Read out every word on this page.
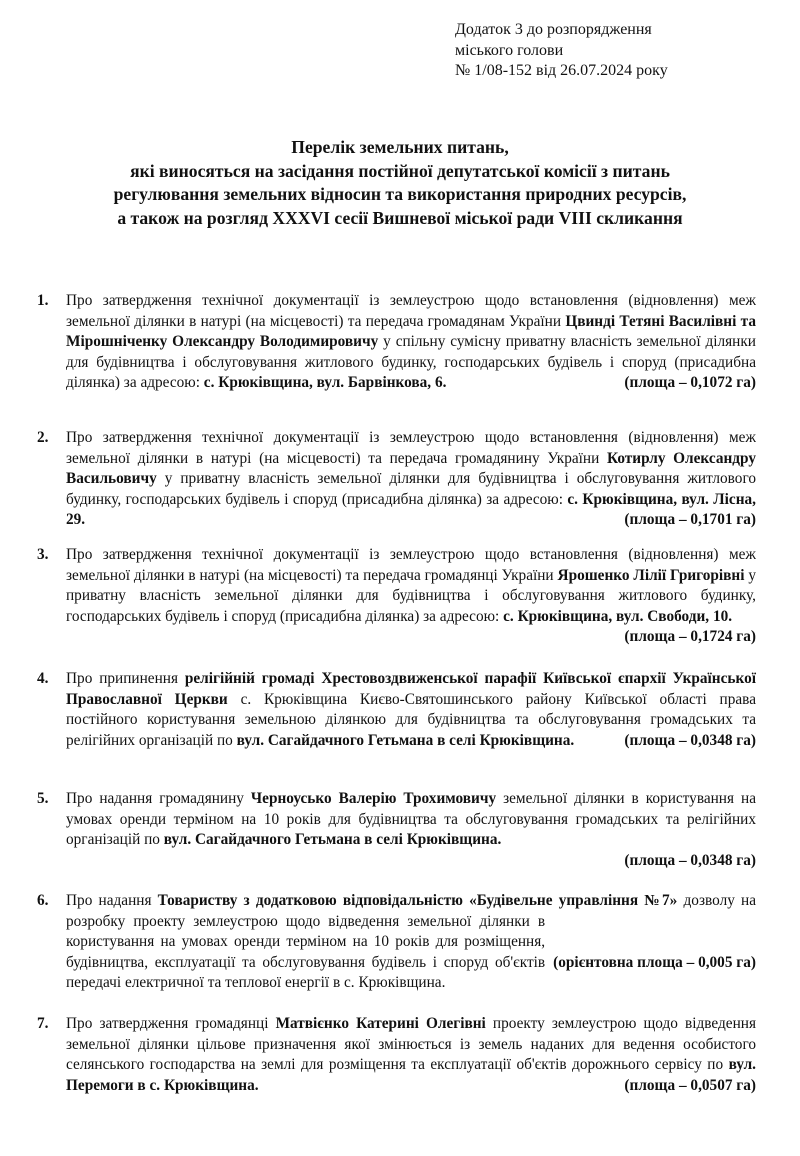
Додаток 3 до розпорядження
міського голови
№ 1/08-152 від 26.07.2024 року
Перелік земельних питань,
які виносяться на засідання постійної депутатської комісії з питань
регулювання земельних відносин та використання природних ресурсів,
а також на розгляд XXXVI сесії Вишневої міської ради VIII скликання
1. Про затвердження технічної документації із землеустрою щодо встановлення (відновлення) меж земельної ділянки в натурі (на місцевості) та передача громадянам України Цвинді Тетяні Василівні та Мірошніченку Олександру Володимировичу у спільну сумісну приватну власність земельної ділянки для будівництва і обслуговування житлового будинку, господарських будівель і споруд (присадибна ділянка) за адресою: с. Крюківщина, вул. Барвінкова, 6.	(площа – 0,1072 га)
2. Про затвердження технічної документації із землеустрою щодо встановлення (відновлення) меж земельної ділянки в натурі (на місцевості) та передача громадянину України Котирлу Олександру Васильовичу у приватну власність земельної ділянки для будівництва і обслуговування житлового будинку, господарських будівель і споруд (присадибна ділянка) за адресою: с. Крюківщина, вул. Лісна, 29.	(площа – 0,1701 га)
3. Про затвердження технічної документації із землеустрою щодо встановлення (відновлення) меж земельної ділянки в натурі (на місцевості) та передача громадянці України Ярошенко Лілії Григорівні у приватну власність земельної ділянки для будівництва і обслуговування житлового будинку, господарських будівель і споруд (присадибна ділянка) за адресою: с. Крюківщина, вул. Свободи, 10.
(площа – 0,1724 га)
4. Про припинення релігійній громаді Хрестовоздвиженської парафії Київської єпархії Української Православної Церкви с. Крюківщина Києво-Святошинського району Київської області права постійного користування земельною ділянкою для будівництва та обслуговування громадських та релігійних організацій по вул. Сагайдачного Гетьмана в селі Крюківщина.	(площа – 0,0348 га)
5. Про надання громадянину Черноусько Валерію Трохимовичу земельної ділянки в користування на умовах оренди терміном на 10 років для будівництва та обслуговування громадських та релігійних організацій по вул. Сагайдачного Гетьмана в селі Крюківщина.
(площа – 0,0348 га)
6. Про надання Товариству з додатковою відповідальністю «Будівельне управління №7»
(орієнтовна площа – 0,005 га)
дозволу на розробку проекту землеустрою щодо відведення земельної ділянки в користування на умовах оренди терміном на 10 років для розміщення, будівництва, експлуатації та обслуговування будівель і споруд об'єктів передачі електричної та теплової енергії в с. Крюківщина.
7. Про затвердження громадянці Матвієнко Катерині Олегівні проекту землеустрою щодо відведення земельної ділянки цільове призначення якої змінюється із земель наданих для ведення особистого селянського господарства на землі для розміщення та експлуатації об'єктів дорожнього сервісу по вул. Перемоги в с. Крюківщина.	(площа – 0,0507 га)
